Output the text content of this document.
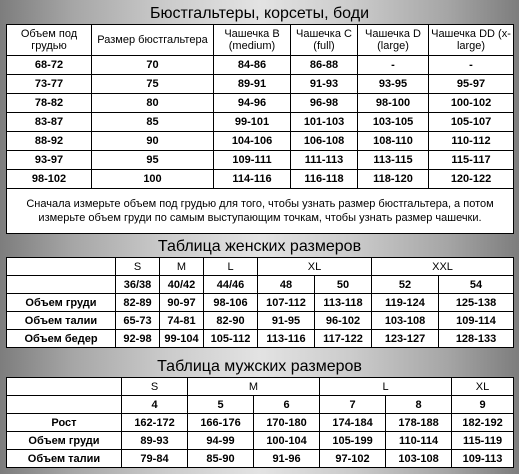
Бюстгальтеры, корсеты, боди
Объем под грудью	Размер бюстгальтера	Чашечка B (medium)	Чашечка C (full)	Чашечка D (large)	Чашечка DD (x-large)
68-72	70	84-86	86-88	-	-
73-77	75	89-91	91-93	93-95	95-97
78-82	80	94-96	96-98	98-100	100-102
83-87	85	99-101	101-103	103-105	105-107
88-92	90	104-106	106-108	108-110	110-112
93-97	95	109-111	111-113	113-115	115-117
98-102	100	114-116	116-118	118-120	120-122
Сначала измерьте объем под грудью для того, чтобы узнать размер бюстгальтера, а потом измерьте объем груди по самым выступающим точкам, чтобы узнать размер чашечки.					
Таблица женских размеров
	S	M	L	XL		XXL	
	36/38	40/42	44/46	48	50	52	54
Объем груди	82-89	90-97	98-106	107-112	113-118	119-124	125-138
Объем талии	65-73	74-81	82-90	91-95	96-102	103-108	109-114
Объем бедер	92-98	99-104	105-112	113-116	117-122	123-127	128-133
Таблица мужских размеров
	S	M		L		XL
	4	5	6	7	8	9
Рост	162-172	166-176	170-180	174-184	178-188	182-192
Объем груди	89-93	94-99	100-104	105-199	110-114	115-119
Объем талии	79-84	85-90	91-96	97-102	103-108	109-113
